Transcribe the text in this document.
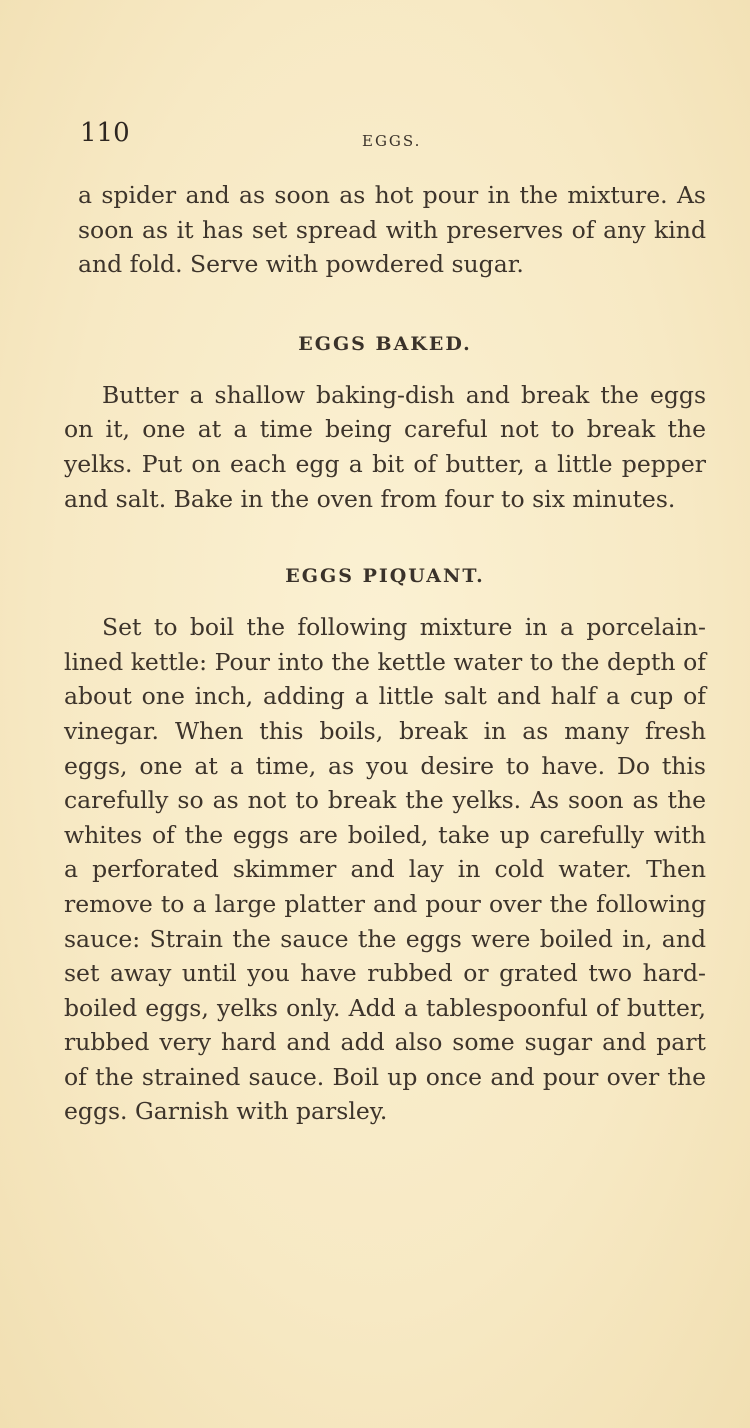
110	EGGS.

a spider and as soon as hot pour in the mixture. As soon as it has set spread with preserves of any kind and fold. Serve with powdered sugar.

EGGS BAKED.

Butter a shallow baking-dish and break the eggs on it, one at a time being careful not to break the yelks. Put on each egg a bit of butter, a little pepper and salt. Bake in the oven from four to six minutes.

EGGS PIQUANT.

Set to boil the following mixture in a porcelain-lined kettle: Pour into the kettle water to the depth of about one inch, adding a little salt and half a cup of vinegar. When this boils, break in as many fresh eggs, one at a time, as you desire to have. Do this carefully so as not to break the yelks. As soon as the whites of the eggs are boiled, take up carefully with a perforated skimmer and lay in cold water. Then remove to a large platter and pour over the following sauce: Strain the sauce the eggs were boiled in, and set away until you have rubbed or grated two hard-boiled eggs, yelks only. Add a tablespoonful of butter, rubbed very hard and add also some sugar and part of the strained sauce. Boil up once and pour over the eggs. Garnish with parsley.
